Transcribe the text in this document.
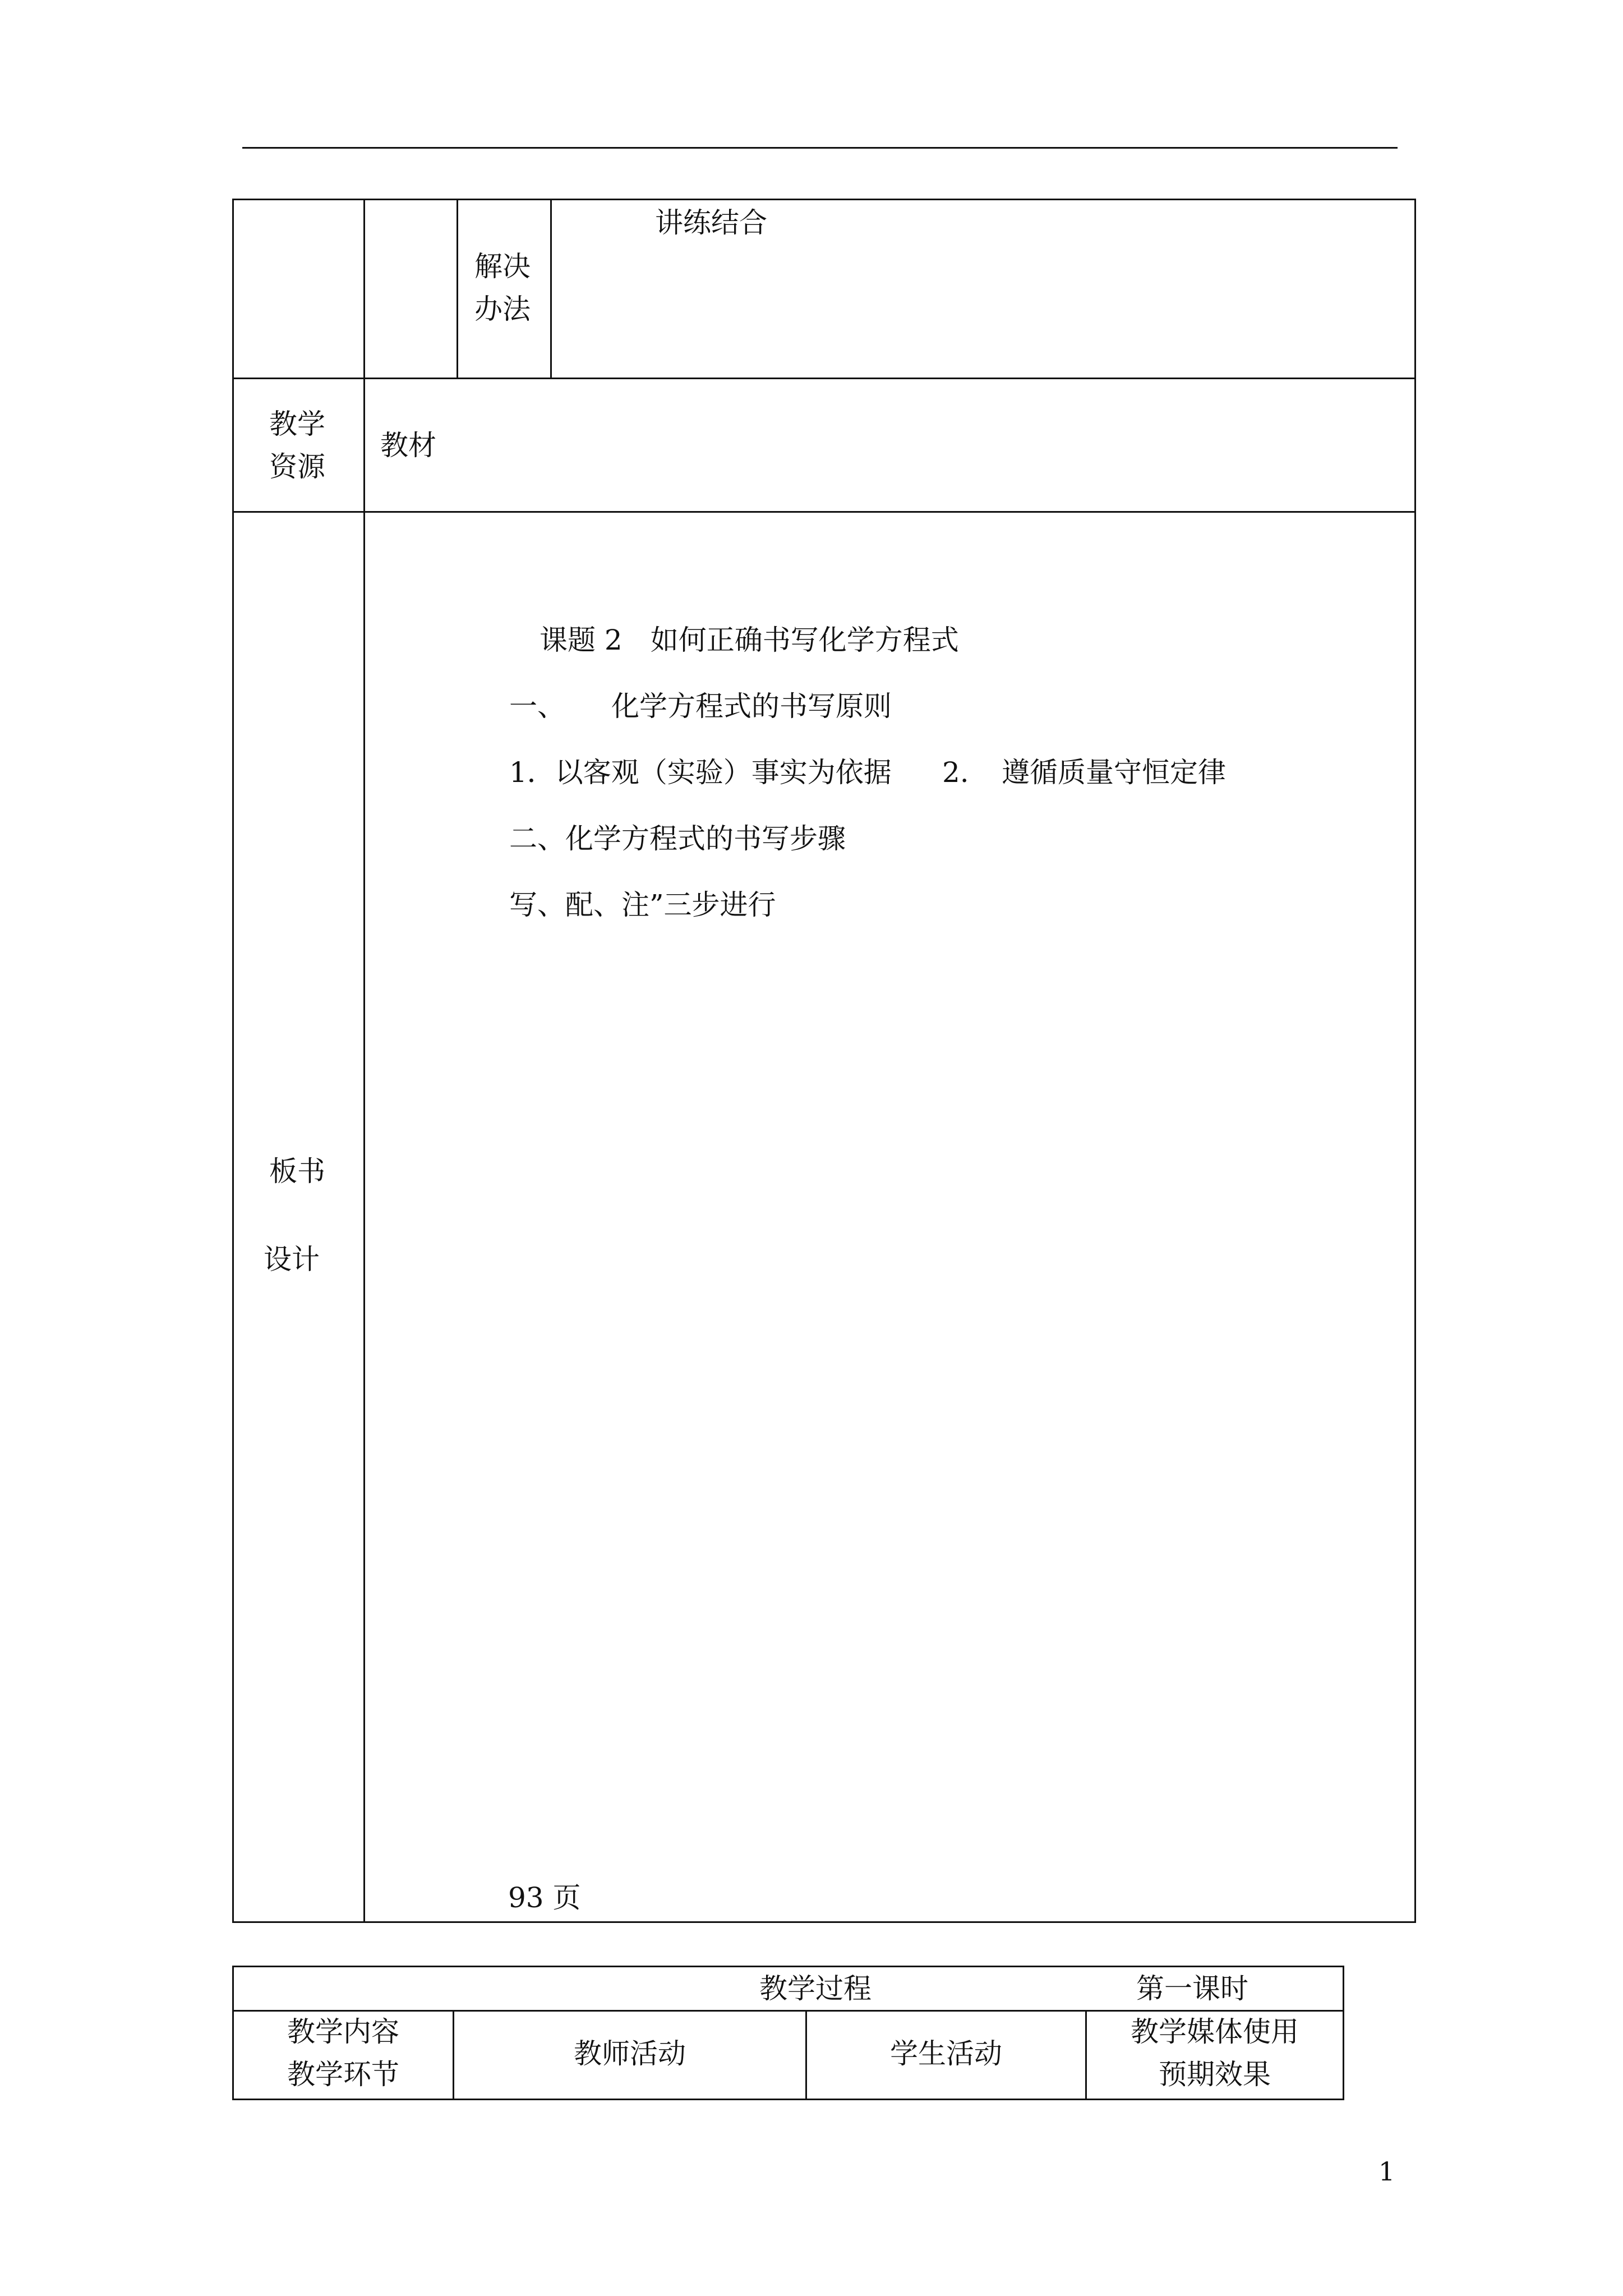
解决
办法
讲练结合
教学
资源
教材
板书
设计
课题 2　如何正确书写化学方程式
一、 化学方程式的书写原则
1．以客观（实验）事实为依据 2. 遵循质量守恒定律
二、化学方程式的书写步骤
写、配、注”三步进行
93 页
教学过程	第一课时
教学内容
教学环节
教师活动	学生活动
教学媒体使用
预期效果
1
